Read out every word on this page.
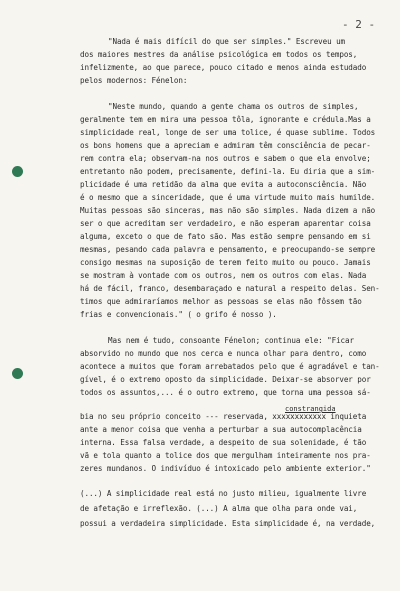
- 2 -
"Nada é mais difícil do que ser simples." Escreveu um
dos maiores mestres da análise psicológica em todos os tempos,
infelizmente, ao que parece, pouco citado e menos ainda estudado
pelos modernos: Fénelon:
"Neste mundo, quando a gente chama os outros de simples,
geralmente tem em mira uma pessoa tôla, ignorante e crédula.Mas a
simplicidade real, longe de ser uma tolice, é quase sublime. Todos
os bons homens que a apreciam e admiram têm consciência de pecar-
rem contra ela; observam-na nos outros e sabem o que ela envolve;
entretanto não podem, precisamente, defini-la. Eu diria que a sim-
plicidade é uma retidão da alma que evita a autoconsciência. Não
é o mesmo que a sinceridade, que é uma virtude muito mais humilde.
Muitas pessoas são sinceras, mas não são simples. Nada dizem a não
ser o que acreditam ser verdadeiro, e não esperam aparentar coisa
alguma, exceto o que de fato são. Mas estão sempre pensando em si
mesmas, pesando cada palavra e pensamento, e preocupando-se sempre
consigo mesmas na suposição de terem feito muito ou pouco. Jamais
se mostram à vontade com os outros, nem os outros com elas. Nada
há de fácil, franco, desembaraçado e natural a respeito delas. Sen-
timos que admiraríamos melhor as pessoas se elas não fôssem tão
frias e convencionais." ( o grifo é nosso ).
Mas nem é tudo, consoante Fénelon; continua ele: "Ficar
absorvido no mundo que nos cerca e nunca olhar para dentro, como
acontece a muitos que foram arrebatados pelo que é agradável e tan-
gível, é o extremo oposto da simplicidade. Deixar-se absorver por
todos os assuntos,... é o outro extremo, que torna uma pessoa sá-
bia no seu próprio conceito --- reservada, xxxxxxxxxxxx inquieta
ante a menor coisa que venha a perturbar a sua autocomplacência
interna. Essa falsa verdade, a despeito de sua solenidade, é tão
vã e tola quanto a tolice dos que mergulham inteiramente nos pra-
zeres mundanos. O indivíduo é intoxicado pelo ambiente exterior."
(...) A simplicidade real está no justo milieu, igualmente livre
de afetação e irreflexão. (...) A alma que olha para onde vai,
possui a verdadeira simplicidade. Esta simplicidade é, na verdade,
constrangida
